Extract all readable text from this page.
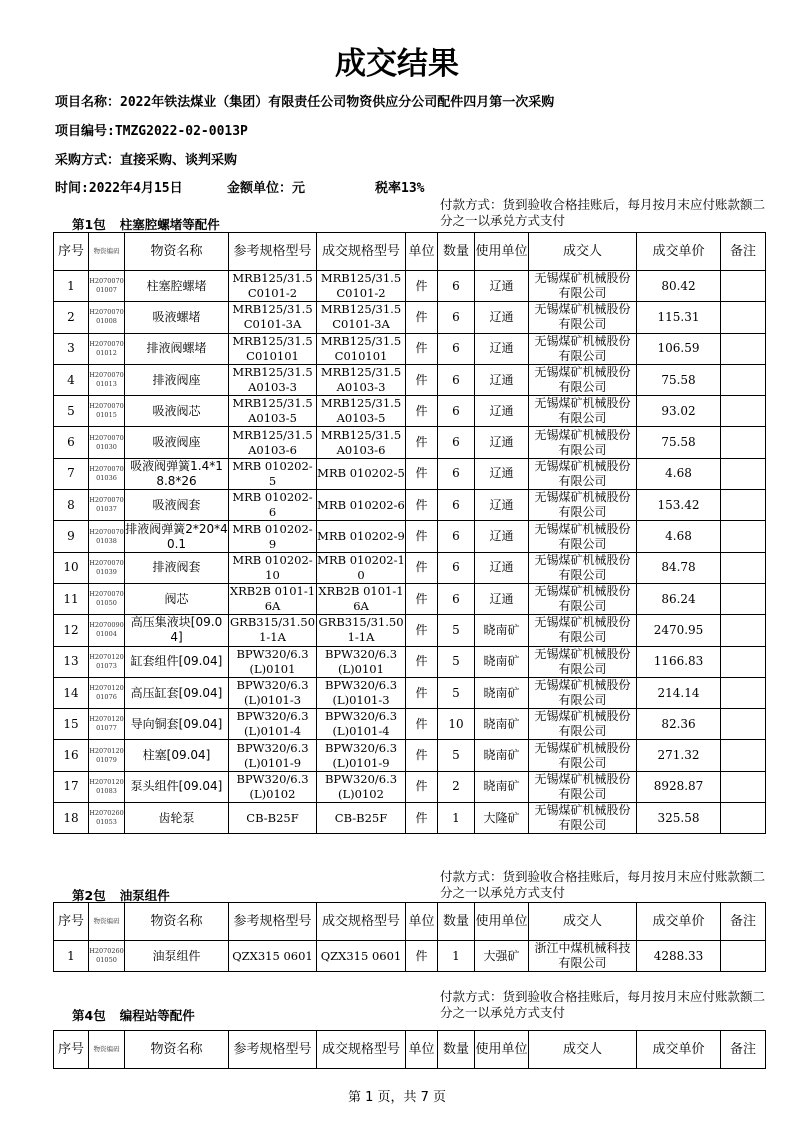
成交结果
项目名称：2022年铁法煤业（集团）有限责任公司物资供应分公司配件四月第一次采购
项目编号:TMZG2022-02-0013P
采购方式：直接采购、谈判采购
时间:2022年4月15日	金额单位：元	税率13%
付款方式：货到验收合格挂账后，每月按月末应付账款额二分之一以承兑方式支付
第1包 柱塞腔螺堵等配件
序号	物资编码	物资名称	参考规格型号	成交规格型号	单位	数量	使用单位	成交人	成交单价	备注
1	H207007001007	柱塞腔螺堵	MRB125/31.5C0101-2	MRB125/31.5C0101-2	件	6	辽通	无锡煤矿机械股份有限公司	80.42	
2	H207007001008	吸液螺堵	MRB125/31.5C0101-3A	MRB125/31.5C0101-3A	件	6	辽通	无锡煤矿机械股份有限公司	115.31	
3	H207007001012	排液阀螺堵	MRB125/31.5C010101	MRB125/31.5C010101	件	6	辽通	无锡煤矿机械股份有限公司	106.59	
4	H207007001013	排液阀座	MRB125/31.5A0103-3	MRB125/31.5A0103-3	件	6	辽通	无锡煤矿机械股份有限公司	75.58	
5	H207007001015	吸液阀芯	MRB125/31.5A0103-5	MRB125/31.5A0103-5	件	6	辽通	无锡煤矿机械股份有限公司	93.02	
6	H207007001030	吸液阀座	MRB125/31.5A0103-6	MRB125/31.5A0103-6	件	6	辽通	无锡煤矿机械股份有限公司	75.58	
7	H207007001036	吸液阀弹簧1.4*18.8*26	MRB 010202-5	MRB 010202-5	件	6	辽通	无锡煤矿机械股份有限公司	4.68	
8	H207007001037	吸液阀套	MRB 010202-6	MRB 010202-6	件	6	辽通	无锡煤矿机械股份有限公司	153.42	
9	H207007001038	排液阀弹簧2*20*40.1	MRB 010202-9	MRB 010202-9	件	6	辽通	无锡煤矿机械股份有限公司	4.68	
10	H207007001039	排液阀套	MRB 010202-10	MRB 010202-10	件	6	辽通	无锡煤矿机械股份有限公司	84.78	
11	H207007001050	阀芯	XRB2B 0101-16A	XRB2B 0101-16A	件	6	辽通	无锡煤矿机械股份有限公司	86.24	
12	H207009001004	高压集液块[09.04]	GRB315/31.501-1A	GRB315/31.501-1A	件	5	晓南矿	无锡煤矿机械股份有限公司	2470.95	
13	H207012001073	缸套组件[09.04]	BPW320/6.3(L)0101	BPW320/6.3(L)0101	件	5	晓南矿	无锡煤矿机械股份有限公司	1166.83	
14	H207012001076	高压缸套[09.04]	BPW320/6.3(L)0101-3	BPW320/6.3(L)0101-3	件	5	晓南矿	无锡煤矿机械股份有限公司	214.14	
15	H207012001077	导向铜套[09.04]	BPW320/6.3(L)0101-4	BPW320/6.3(L)0101-4	件	10	晓南矿	无锡煤矿机械股份有限公司	82.36	
16	H207012001079	柱塞[09.04]	BPW320/6.3(L)0101-9	BPW320/6.3(L)0101-9	件	5	晓南矿	无锡煤矿机械股份有限公司	271.32	
17	H207012001083	泵头组件[09.04]	BPW320/6.3(L)0102	BPW320/6.3(L)0102	件	2	晓南矿	无锡煤矿机械股份有限公司	8928.87	
18	H207026001053	齿轮泵	CB-B25F	CB-B25F	件	1	大隆矿	无锡煤矿机械股份有限公司	325.58	
付款方式：货到验收合格挂账后，每月按月末应付账款额二分之一以承兑方式支付
第2包 油泵组件
序号	物资编码	物资名称	参考规格型号	成交规格型号	单位	数量	使用单位	成交人	成交单价	备注
1	H207026001050	油泵组件	QZX315 0601	QZX315 0601	件	1	大强矿	浙江中煤机械科技有限公司	4288.33	
付款方式：货到验收合格挂账后，每月按月末应付账款额二分之一以承兑方式支付
第4包 编程站等配件
序号	物资编码	物资名称	参考规格型号	成交规格型号	单位	数量	使用单位	成交人	成交单价	备注
第 1 页，共 7 页
